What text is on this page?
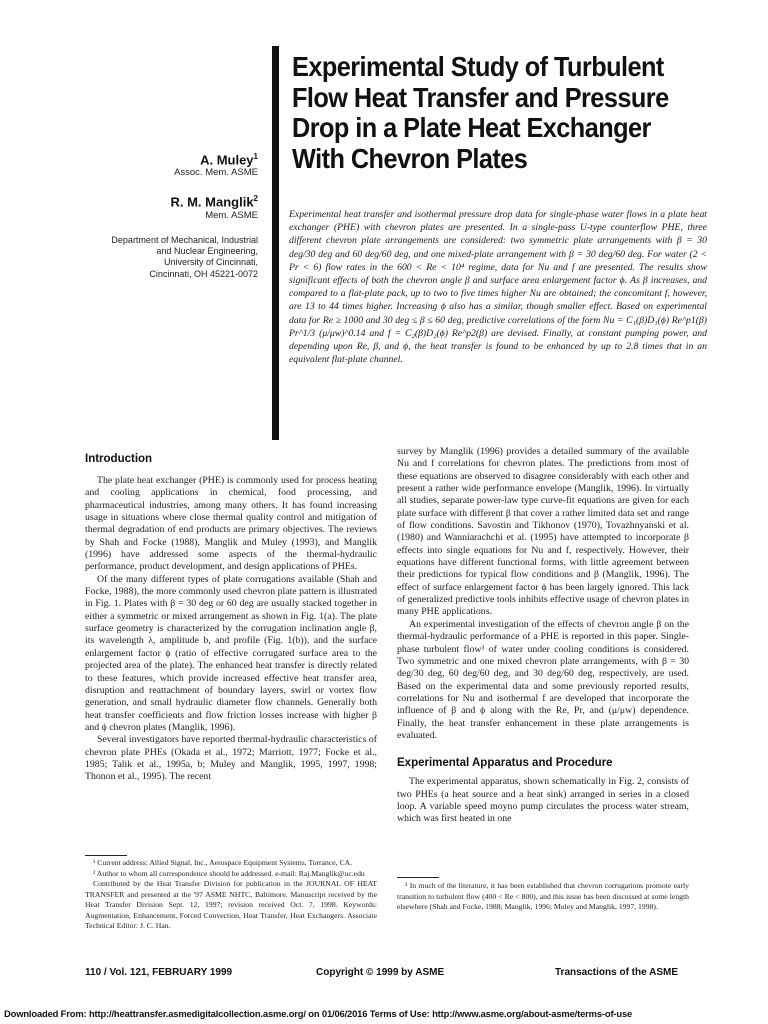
A. Muley$^1$
Assoc. Mem. ASME
R. M. Manglik$^2$
Mem. ASME
Department of Mechanical, Industrial
and Nuclear Engineering,
University of Cincinnati,
Cincinnati, OH 45221-0072
Experimental Study of Turbulent
Flow Heat Transfer and Pressure
Drop in a Plate Heat Exchanger
With Chevron Plates
Experimental heat transfer and isothermal pressure drop data for single-phase water flows in a plate heat exchanger (PHE) with chevron plates are presented. In a single-pass U-type counterflow PHE, three different chevron plate arrangements are considered: two symmetric plate arrangements with β = 30 deg/30 deg and 60 deg/60 deg, and one mixed-plate arrangement with β = 30 deg/60 deg. For water (2 < Pr < 6) flow rates in the 600 < Re < 10⁴ regime, data for Nu and f are presented. The results show significant effects of both the chevron angle β and surface area enlargement factor ϕ. As β increases, and compared to a flat-plate pack, up to two to five times higher Nu are obtained; the concomitant f, however, are 13 to 44 times higher. Increasing ϕ also has a similar, though smaller effect. Based on experimental data for Re ≥ 1000 and 30 deg ≤ β ≤ 60 deg, predictive correlations of the form Nu = C₁(β)D₁(ϕ) Re^p1(β) Pr^1/3 (μ/μw)^0.14 and f = C₂(β)D₂(ϕ) Re^p2(β) are devised. Finally, at constant pumping power, and depending upon Re, β, and ϕ, the heat transfer is found to be enhanced by up to 2.8 times that in an equivalent flat-plate channel.
Introduction

The plate heat exchanger (PHE) is commonly used for process heating and cooling applications in chemical, food processing, and pharmaceutical industries, among many others. It has found increasing usage in situations where close thermal quality control and mitigation of thermal degradation of end products are primary objectives. The reviews by Shah and Focke (1988), Manglik and Muley (1993), and Manglik (1996) have addressed some aspects of the thermal-hydraulic performance, product development, and design applications of PHEs.

Of the many different types of plate corrugations available (Shah and Focke, 1988), the more commonly used chevron plate pattern is illustrated in Fig. 1. Plates with β = 30 deg or 60 deg are usually stacked together in either a symmetric or mixed arrangement as shown in Fig. 1(a). The plate surface geometry is characterized by the corrugation inclination angle β, its wavelength λ, amplitude b, and profile (Fig. 1(b)), and the surface enlargement factor ϕ (ratio of effective corrugated surface area to the projected area of the plate). The enhanced heat transfer is directly related to these features, which provide increased effective heat transfer area, disruption and reattachment of boundary layers, swirl or vortex flow generation, and small hydraulic diameter flow channels. Generally both heat transfer coefficients and flow friction losses increase with higher β and ϕ chevron plates (Manglik, 1996).

Several investigators have reported thermal-hydraulic characteristics of chevron plate PHEs (Okada et al., 1972; Marriott, 1977; Focke et al., 1985; Talik et al., 1995a, b; Muley and Manglik, 1995, 1997, 1998; Thonon et al., 1995). The recent

¹ Current address: Allied Signal, Inc., Aerospace Equipment Systems, Torrance, CA.

² Author to whom all correspondence should be addressed. e-mail: Raj.Manglik@uc.edu

Contributed by the Heat Transfer Division for publication in the JOURNAL OF HEAT TRANSFER and presented at the '97 ASME NHTC, Baltimore. Manuscript received by the Heat Transfer Division Sept. 12, 1997; revision received Oct. 7, 1998. Keywords: Augmentation, Enhancement, Forced Convection, Heat Transfer, Heat Exchangers. Associate Technical Editor: J. C. Han.

survey by Manglik (1996) provides a detailed summary of the available Nu and f correlations for chevron plates. The predictions from most of these equations are observed to disagree considerably with each other and present a rather wide performance envelope (Manglik, 1996). In virtually all studies, separate power-law type curve-fit equations are given for each plate surface with different β that cover a rather limited data set and range of flow conditions. Savostin and Tikhonov (1970), Tovazhnyanski et al. (1980) and Wanniarachchi et al. (1995) have attempted to incorporate β effects into single equations for Nu and f, respectively. However, their equations have different functional forms, with little agreement between their predictions for typical flow conditions and β (Manglik, 1996). The effect of surface enlargement factor ϕ has been largely ignored. This lack of generalized predictive tools inhibits effective usage of chevron plates in many PHE applications.

An experimental investigation of the effects of chevron angle β on the thermal-hydraulic performance of a PHE is reported in this paper. Single-phase turbulent flow³ of water under cooling conditions is considered. Two symmetric and one mixed chevron plate arrangements, with β = 30 deg/30 deg, 60 deg/60 deg, and 30 deg/60 deg, respectively, are used. Based on the experimental data and some previously reported results, correlations for Nu and isothermal f are developed that incorporate the influence of β and ϕ along with the Re, Pr, and (μ/μw) dependence. Finally, the heat transfer enhancement in these plate arrangements is evaluated.

Experimental Apparatus and Procedure

The experimental apparatus, shown schematically in Fig. 2, consists of two PHEs (a heat source and a heat sink) arranged in series in a closed loop. A variable speed moyno pump circulates the process water stream, which was first heated in one

³ In much of the literature, it has been established that chevron corrugations promote early transition to turbulent flow (400 < Re < 800), and this issue has been discussed at some length elsewhere (Shah and Focke, 1988; Manglik, 1996; Muley and Manglik, 1997, 1998).

110 / Vol. 121, FEBRUARY 1999	Copyright © 1999 by ASME	Transactions of the ASME
Downloaded From: http://heattransfer.asmedigitalcollection.asme.org/ on 01/06/2016 Terms of Use: http://www.asme.org/about-asme/terms-of-use
